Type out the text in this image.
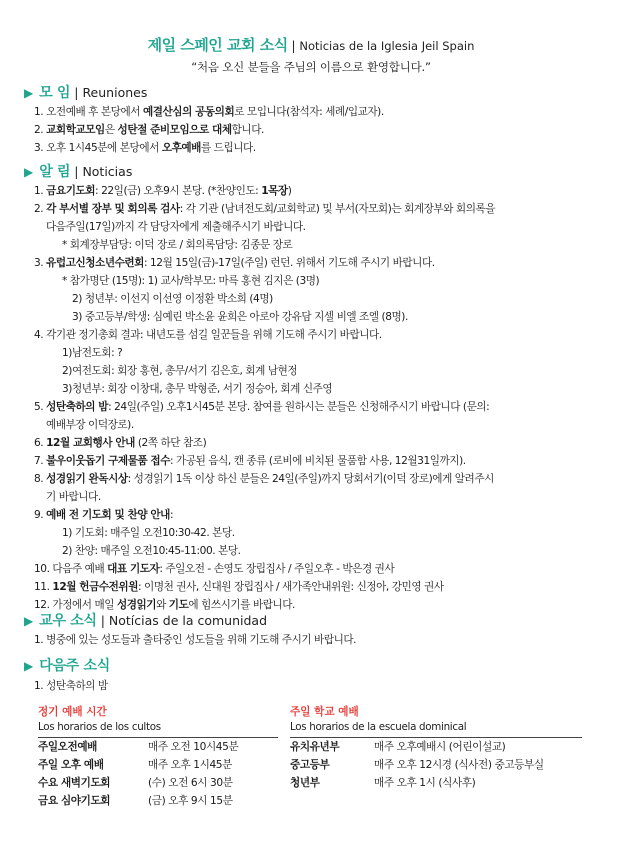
제일 스페인 교회 소식 | Noticias de la Iglesia Jeil Spain
“처음 오신 분들을 주님의 이름으로 환영합니다.”
▶ 모 임 | Reuniones
1. 오전예배 후 본당에서 예결산심의 공동의회로 모입니다(참석자: 세례/입교자).
2. 교회학교모임은 성탄절 준비모임으로 대체합니다.
3. 오후 1시45분에 본당에서 오후예배를 드립니다.
▶ 알 림 | Noticias
1. 금요기도회: 22일(금) 오후9시 본당. (*찬양인도: 1목장)
2. 각 부서별 장부 및 회의록 검사: 각 기관 (남녀전도회/교회학교) 및 부서(자모회)는 회계장부와 회의록을
다음주일(17일)까지 각 담당자에게 제출해주시기 바랍니다.
* 회계장부담당: 이덕 장로 / 회의록담당: 김종문 장로
3. 유럽고신청소년수련회: 12월 15일(금)-17일(주일) 런던. 위해서 기도해 주시기 바랍니다.
* 참가명단 (15명): 1) 교사/학부모: 마륵 홍현 김지은 (3명)
2) 청년부: 이선지 이선영 이정환 박소희 (4명)
3) 중고등부/학생: 심예린 박소윤 윤희은 아로아 강유담 지셀 비엘 조엘 (8명).
4. 각기관 정기총회 결과: 내년도를 섬길 일꾼들을 위해 기도해 주시기 바랍니다.
1)남전도회: ?
2)여전도회: 회장 홍현, 총무/서기 김은호, 회계 남현정
3)청년부: 회장 이창대, 총무 박형준, 서기 정승아, 회계 신주영
5. 성탄축하의 밤: 24일(주일) 오후1시45분 본당. 참여를 원하시는 분들은 신청해주시기 바랍니다 (문의:
예배부장 이덕장로).
6. 12월 교회행사 안내 (2쪽 하단 참조)
7. 불우이웃돕기 구제물품 접수: 가공된 음식, 캔 종류 (로비에 비치된 물품함 사용, 12월31일까지).
8. 성경읽기 완독시상: 성경읽기 1독 이상 하신 분들은 24일(주일)까지 당회서기(이덕 장로)에게 알려주시
기 바랍니다.
9. 예배 전 기도회 및 찬양 안내:
1) 기도회: 매주일 오전10:30-42. 본당.
2) 찬양: 매주일 오전10:45-11:00. 본당.
10. 다음주 예배 대표 기도자: 주일오전 - 손영도 장립집사 / 주일오후 - 박은경 권사
11. 12월 헌금수전위원: 이명천 권사, 신대원 장립집사 / 새가족안내위원: 신정아, 강민영 권사
12. 가정에서 매일 성경읽기와 기도에 힘쓰시기를 바랍니다.
▶ 교우 소식 | Notícias de la comunidad
1. 병중에 있는 성도들과 출타중인 성도들을 위해 기도해 주시기 바랍니다.
▶ 다음주 소식
1. 성탄축하의 밤
정기 예배 시간
Los horarios de los cultos
주일오전예배	매주 오전 10시45분
주일 오후 예배	매주 오후 1시45분
수요 새벽기도회	(수) 오전 6시 30분
금요 심야기도회	(금) 오후 9시 15분
주일 학교 예배
Los horarios de la escuela dominical
유치유년부	매주 오후예배시 (어린이설교)
중고등부	매주 오후 12시경 (식사전) 중고등부실
청년부	매주 오후 1시 (식사후)
